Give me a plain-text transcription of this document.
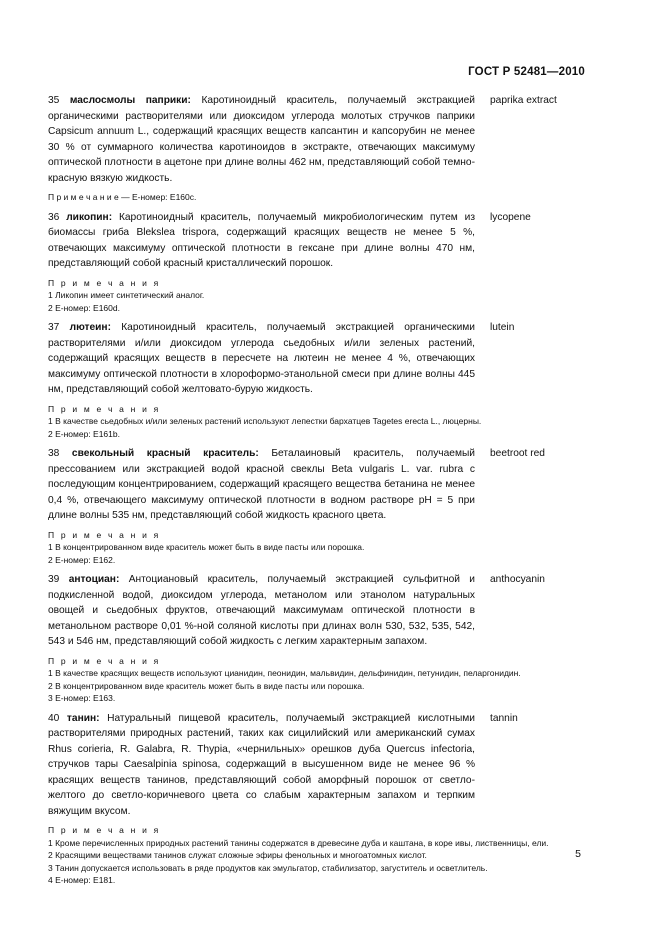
ГОСТ Р 52481—2010
35 маслосмолы паприки: Каротиноидный краситель, получаемый экстракцией органическими растворителями или диоксидом углерода молотых стручков паприки Capsicum annuum L., содержащий красящих веществ капсантин и капсорубин не менее 30 % от суммарного количества каротиноидов в экстракте, отвечающих максимуму оптической плотности в ацетоне при длине волны 462 нм, представляющий собой темно-красную вязкую жидкость.
paprika extract
П р и м е ч а н и е — Е-номер: Е160с.
36 ликопин: Каротиноидный краситель, получаемый микробиологическим путем из биомассы гриба Blekslea trispora, содержащий красящих веществ не менее 5 %, отвечающих максимуму оптической плотности в гексане при длине волны 470 нм, представляющий собой красный кристаллический порошок.
lycopene
П р и м е ч а н и я
1 Ликопин имеет синтетический аналог.
2 Е-номер: Е160d.
37 лютеин: Каротиноидный краситель, получаемый экстракцией органическими растворителями и/или диоксидом углерода сьедобных и/или зеленых растений, содержащий красящих веществ в пересчете на лютеин не менее 4 %, отвечающих максимуму оптической плотности в хлороформо-этанольной смеси при длине волны 445 нм, представляющий собой желтовато-бурую жидкость.
lutein
П р и м е ч а н и я
1 В качестве сьедобных и/или зеленых растений используют лепестки бархатцев Tagetes erecta L., люцерны.
2 Е-номер: Е161b.
38 свекольный красный краситель: Беталаиновый краситель, получаемый прессованием или экстракцией водой красной свеклы Beta vulgaris L. var. rubra с последующим концентрированием, содержащий красящего вещества бетанина не менее 0,4 %, отвечающего максимуму оптической плотности в водном растворе рН = 5 при длине волны 535 нм, представляющий собой жидкость красного цвета.
beetroot red
П р и м е ч а н и я
1 В концентрированном виде краситель может быть в виде пасты или порошка.
2 Е-номер: Е162.
39 антоциан: Антоциановый краситель, получаемый экстракцией сульфитной и подкисленной водой, диоксидом углерода, метанолом или этанолом натуральных овощей и сьедобных фруктов, отвечающий максимумам оптической плотности в метанольном растворе 0,01 %-ной соляной кислоты при длинах волн 530, 532, 535, 542, 543 и 546 нм, представляющий собой жидкость с легким характерным запахом.
anthocyanin
П р и м е ч а н и я
1 В качестве красящих веществ используют цианидин, пеонидин, мальвидин, дельфинидин, петунидин, пеларгонидин.
2 В концентрированном виде краситель может быть в виде пасты или порошка.
3 Е-номер: Е163.
40 танин: Натуральный пищевой краситель, получаемый экстракцией кислотными растворителями природных растений, таких как сицилийский или американский сумах Rhus corieria, R. Galabra, R. Thypia, «чернильных» орешков дуба Quercus infectoria, стручков тары Caesalpinia spinosa, содержащий в высушенном виде не менее 96 % красящих веществ танинов, представляющий собой аморфный порошок от светло-желтого до светло-коричневого цвета со слабым характерным запахом и терпким вяжущим вкусом.
tannin
П р и м е ч а н и я
1 Кроме перечисленных природных растений танины содержатся в древесине дуба и каштана, в коре ивы, лиственницы, ели.
2 Красящими веществами танинов служат сложные эфиры фенольных и многоатомных кислот.
3 Танин допускается использовать в ряде продуктов как эмульгатор, стабилизатор, загуститель и осветлитель.
4 Е-номер: Е181.
5
